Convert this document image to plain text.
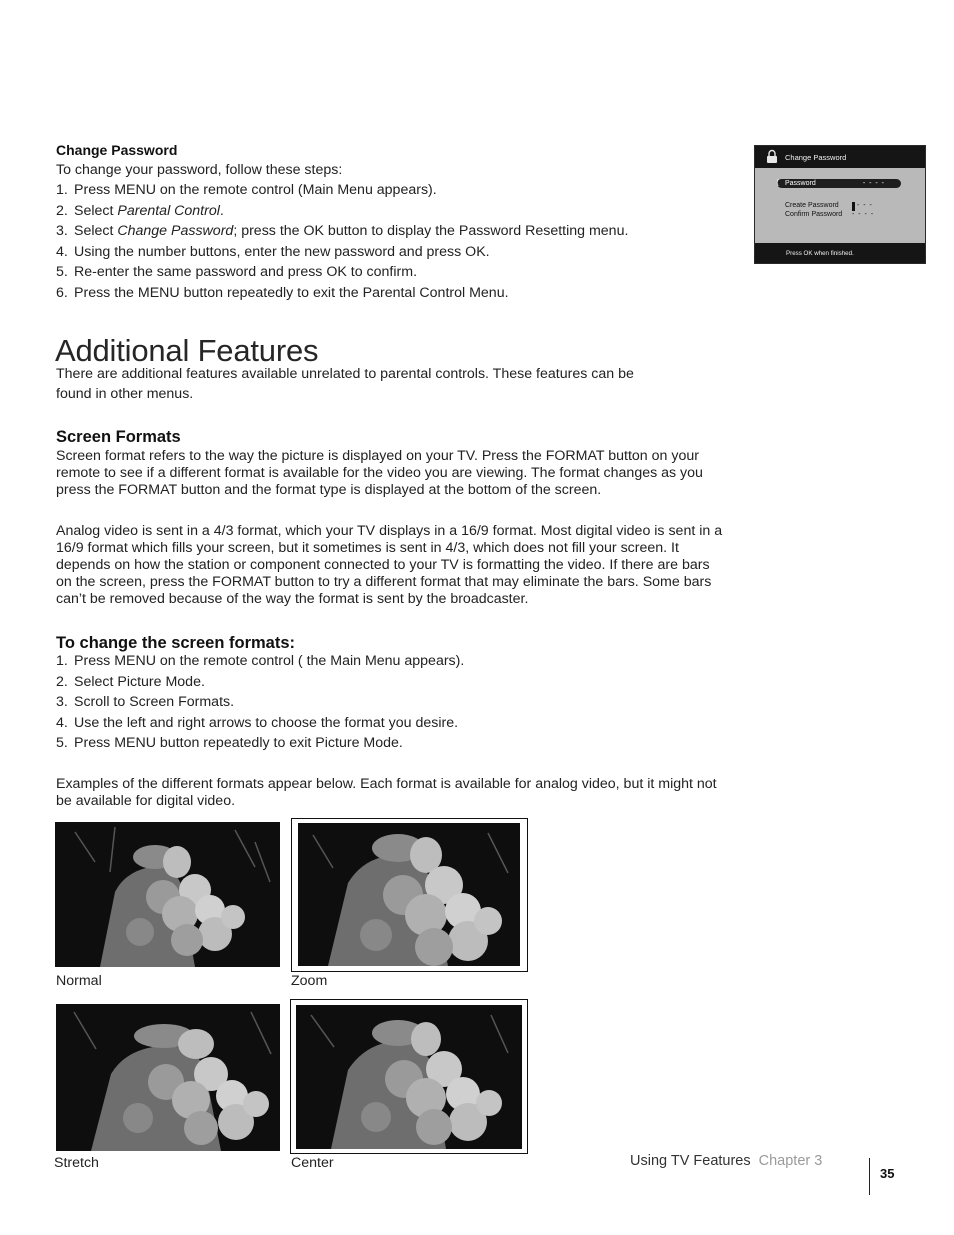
Change Password
To change your password, follow these steps:
1. Press MENU on the remote control (Main Menu appears).
2. Select Parental Control.
3. Select Change Password; press the OK button to display the Password Resetting menu.
4. Using the number buttons, enter the new password and press OK.
5. Re-enter the same password and press OK to confirm.
6. Press the MENU button repeatedly to exit the Parental Control Menu.
Change Password
Password	- - - -
⟨
Create Password	- - -
Confirm Password - - - -
Press OK when finished.
Additional Features
There are additional features available unrelated to parental controls. These features can be
found in other menus.
Screen Formats

Screen format refers to the way the picture is displayed on your TV. Press the FORMAT button on your remote to see if a different format is available for the video you are viewing. The format changes as you press the FORMAT button and the format type is displayed at the bottom of the screen.

Analog video is sent in a 4/3 format, which your TV displays in a 16/9 format. Most digital video is sent in a 16/9 format which fills your screen, but it sometimes is sent in 4/3, which does not fill your screen. It depends on how the station or component connected to your TV is formatting the video. If there are bars on the screen, press the FORMAT button to try a different format that may eliminate the bars. Some bars can’t be removed because of the way the format is sent by the broadcaster.

To change the screen formats:
1. Press MENU on the remote control ( the Main Menu appears).
2. Select Picture Mode.
3. Scroll to Screen Formats.
4. Use the left and right arrows to choose the format you desire.
5. Press MENU button repeatedly to exit Picture Mode.

Examples of the different formats appear below. Each format is available for analog video, but it might not be available for digital video.

Normal	Zoom
Stretch	Center	Using TV Features Chapter 3
35
